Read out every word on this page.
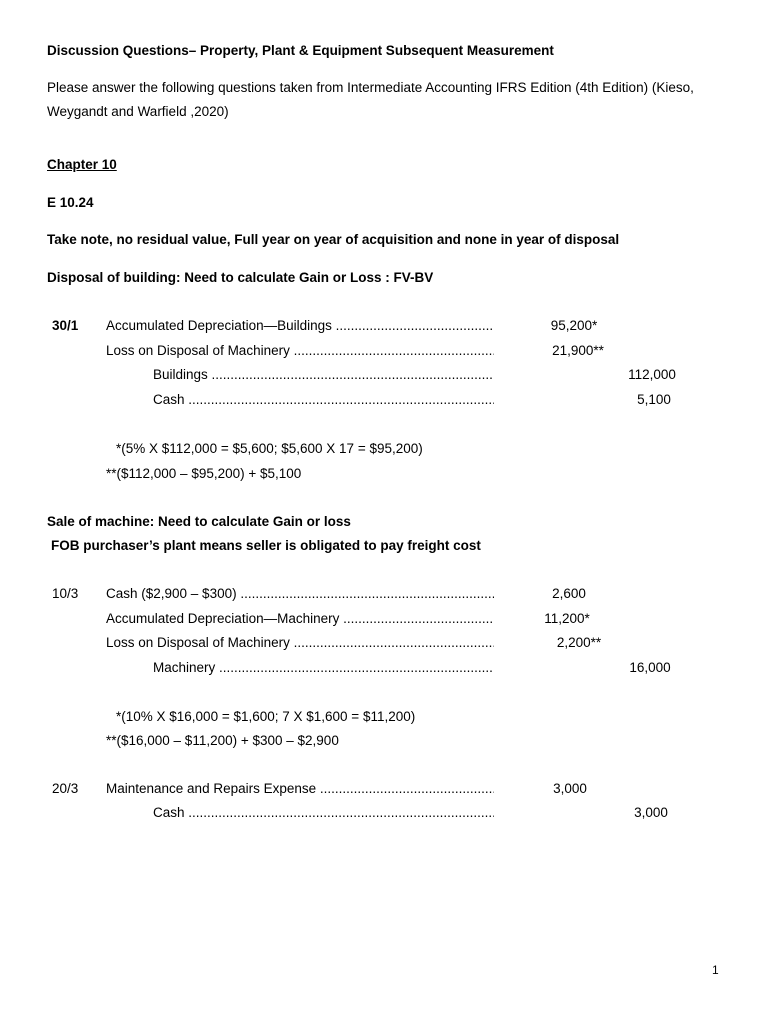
Discussion Questions– Property, Plant & Equipment Subsequent Measurement
Please answer the following questions taken from Intermediate Accounting IFRS Edition (4th Edition) (Kieso, Weygandt and Warfield ,2020)
Chapter 10
E 10.24
Take note, no residual value, Full year on year of acquisition and none in year of disposal
Disposal of building: Need to calculate Gain or Loss : FV-BV
30/1 Accumulated Depreciation—Buildings .....	95,200*
Loss on Disposal of Machinery .....	21,900**
Buildings .....	112,000
Cash .....	5,100
*(5% X $112,000 = $5,600; $5,600 X 17 = $95,200)
**($112,000 – $95,200) + $5,100
Sale of machine: Need to calculate Gain or loss
FOB purchaser’s plant means seller is obligated to pay freight cost
10/3 Cash ($2,900 – $300) .....	2,600
Accumulated Depreciation—Machinery .....	11,200*
Loss on Disposal of Machinery .....	2,200**
Machinery .....	16,000
*(10% X $16,000 = $1,600; 7 X $1,600 = $11,200)
**($16,000 – $11,200) + $300 – $2,900
20/3 Maintenance and Repairs Expense .....	3,000
Cash .....	3,000
1
